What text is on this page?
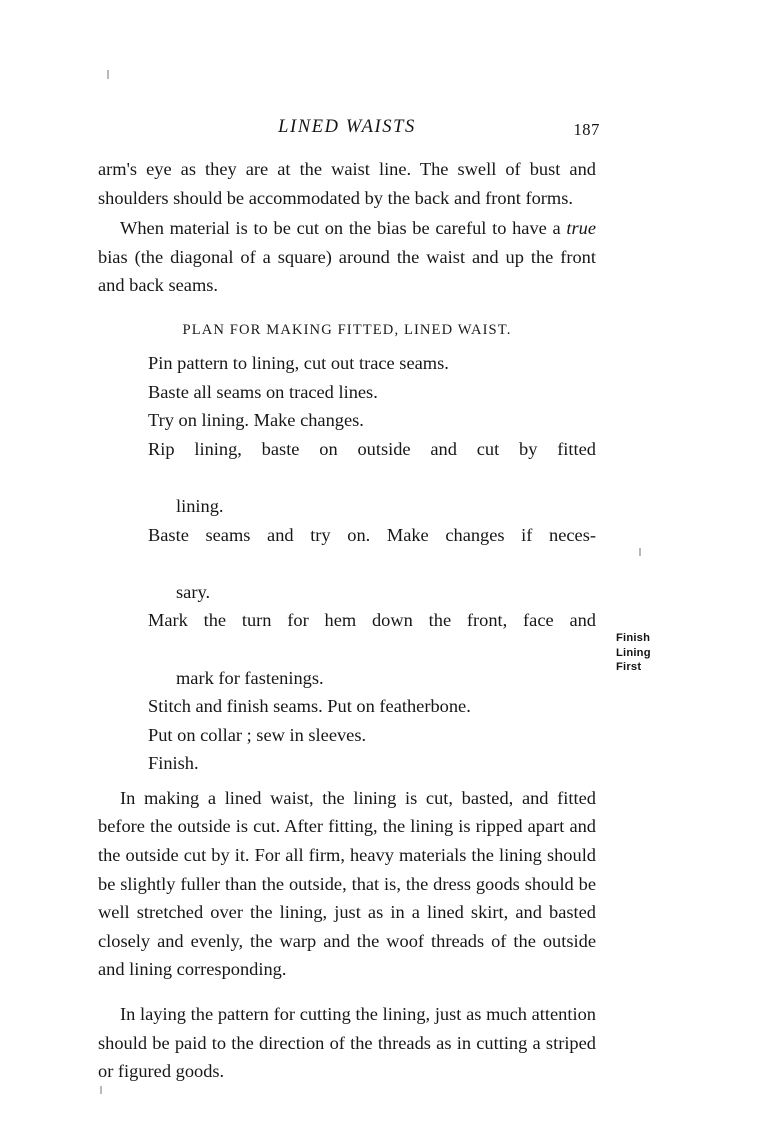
LINED WAISTS	187

arm's eye as they are at the waist line. The swell of bust and shoulders should be accommodated by the back and front forms.

When material is to be cut on the bias be careful to have a true bias (the diagonal of a square) around the waist and up the front and back seams.

PLAN FOR MAKING FITTED, LINED WAIST.
Pin pattern to lining, cut out trace seams.
Baste all seams on traced lines.
Try on lining. Make changes.
Rip lining, baste on outside and cut by fitted
lining.
Baste seams and try on. Make changes if neces-
sary.
Mark the turn for hem down the front, face and
mark for fastenings.
Stitch and finish seams. Put on featherbone.
Put on collar ; sew in sleeves.
Finish.

In making a lined waist, the lining is cut, basted, and fitted before the outside is cut. After fitting, the lining is ripped apart and the outside cut by it. For all firm, heavy materials the lining should be slightly fuller than the outside, that is, the dress goods should be well stretched over the lining, just as in a lined skirt, and basted closely and evenly, the warp and the woof threads of the outside and lining corresponding.

In laying the pattern for cutting the lining, just as much attention should be paid to the direction of the threads as in cutting a striped or figured goods.

Finish
Lining
First
